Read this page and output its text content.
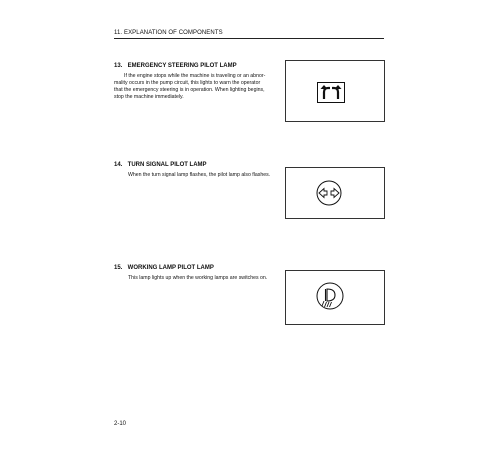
11. EXPLANATION OF COMPONENTS
13. EMERGENCY STEERING PILOT LAMP
If the engine stops while the machine is traveling or an abnor-
mality occurs in the pump circuit, this lights to warn the operator
that the emergency steering is in operation. When lighting begins,
stop the machine immediately.
14. TURN SIGNAL PILOT LAMP
When the turn signal lamp flashes, the pilot lamp also flashes.
15. WORKING LAMP PILOT LAMP
This lamp lights up when the working lamps are switches on.
2-10
